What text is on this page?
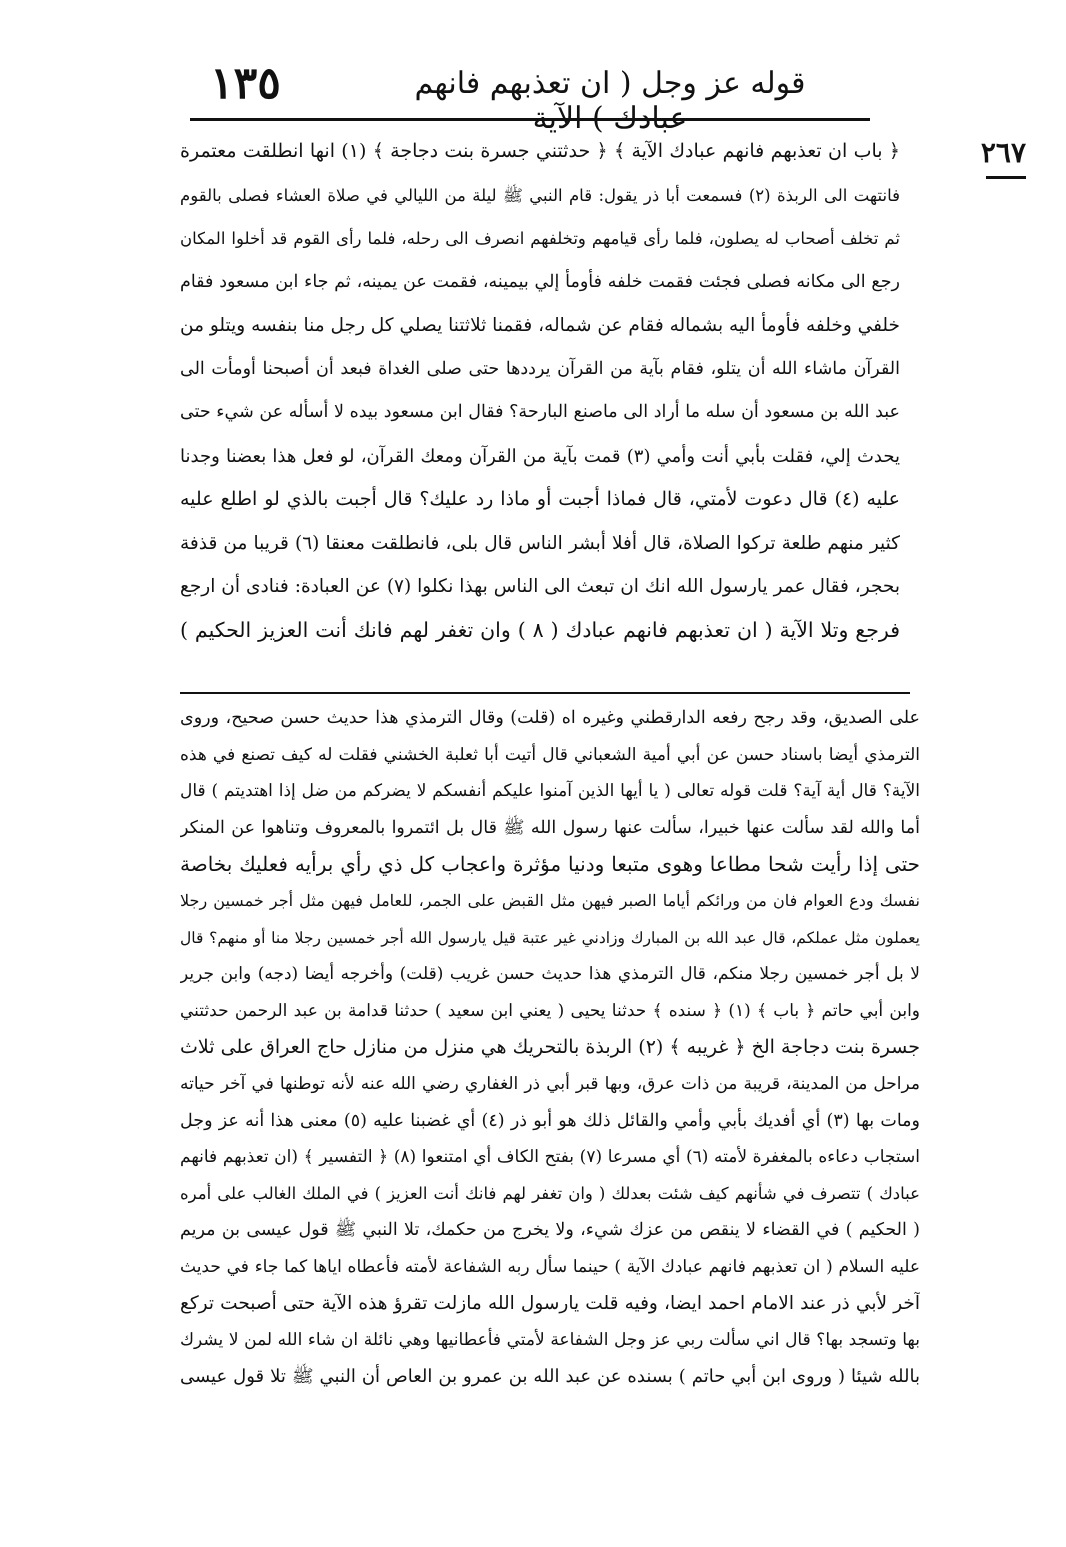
١٣٥	قوله عز وجل ( ان تعذبهم فانهم عبادك ) الآية
٢٦٧
﴿ باب ان تعذبهم فانهم عبادك الآية ﴾ ﴿ حدثتني جسرة بنت دجاجة ﴾ (١) انها انطلقت معتمرة
فانتهت الى الربذة (٢) فسمعت أبا ذر يقول: قام النبي ﷺ ليلة من الليالي في صلاة العشاء فصلى بالقوم
ثم تخلف أصحاب له يصلون، فلما رأى قيامهم وتخلفهم انصرف الى رحله، فلما رأى القوم قد أخلوا المكان
رجع الى مكانه فصلى فجئت فقمت خلفه فأومأ إلي بيمينه، فقمت عن يمينه، ثم جاء ابن مسعود فقام
خلفي وخلفه فأومأ اليه بشماله فقام عن شماله، فقمنا ثلاثتنا يصلي كل رجل منا بنفسه ويتلو من
القرآن ماشاء الله أن يتلو، فقام بآية من القرآن يرددها حتى صلى الغداة فبعد أن أصبحنا أومأت الى
عبد الله بن مسعود أن سله ما أراد الى ماصنع البارحة؟ فقال ابن مسعود بيده لا أسأله عن شيء حتى
يحدث إلي، فقلت بأبي أنت وأمي (٣) قمت بآية من القرآن ومعك القرآن، لو فعل هذا بعضنا وجدنا
عليه (٤) قال دعوت لأمتي، قال فماذا أجبت أو ماذا رد عليك؟ قال أجبت بالذي لو اطلع عليه
كثير منهم طلعة تركوا الصلاة، قال أفلا أبشر الناس قال بلى، فانطلقت معنقا (٦) قريبا من قذفة
بحجر، فقال عمر يارسول الله انك ان تبعث الى الناس بهذا نكلوا (٧) عن العبادة: فنادى أن ارجع
فرجع وتلا الآية ( ان تعذبهم فانهم عبادك ( ٨ ) وان تغفر لهم فانك أنت العزيز الحكيم )
على الصديق، وقد رجح رفعه الدارقطني وغيره اه (قلت) وقال الترمذي هذا حديث حسن صحيح، وروى
الترمذي أيضا باسناد حسن عن أبي أمية الشعباني قال أتيت أبا ثعلبة الخشني فقلت له كيف تصنع في هذه
الآية؟ قال أية آية؟ قلت قوله تعالى ( يا أيها الذين آمنوا عليكم أنفسكم لا يضركم من ضل إذا اهتديتم ) قال
أما والله لقد سألت عنها خبيرا، سألت عنها رسول الله ﷺ قال بل ائتمروا بالمعروف وتناهوا عن المنكر
حتى إذا رأيت شحا مطاعا وهوى متبعا ودنيا مؤثرة واعجاب كل ذي رأي برأيه فعليك بخاصة
نفسك ودع العوام فان من ورائكم أياما الصبر فيهن مثل القبض على الجمر، للعامل فيهن مثل أجر خمسين رجلا
يعملون مثل عملكم، قال عبد الله بن المبارك وزادني غير عتبة قيل يارسول الله أجر خمسين رجلا منا أو منهم؟ قال
لا بل أجر خمسين رجلا منكم، قال الترمذي هذا حديث حسن غريب (قلت) وأخرجه أيضا (دجه) وابن جرير
وابن أبي حاتم ﴿ باب ﴾ (١) ﴿ سنده ﴾ حدثنا يحيى ( يعني ابن سعيد ) حدثنا قدامة بن عبد الرحمن حدثتني
جسرة بنت دجاجة الخ ﴿ غريبه ﴾ (٢) الربذة بالتحريك هي منزل من منازل حاج العراق على ثلاث
مراحل من المدينة، قريبة من ذات عرق، وبها قبر أبي ذر الغفاري رضي الله عنه لأنه توطنها في آخر حياته
ومات بها (٣) أي أفديك بأبي وأمي والقائل ذلك هو أبو ذر (٤) أي غضبنا عليه (٥) معنى هذا أنه عز وجل
استجاب دعاءه بالمغفرة لأمته (٦) أي مسرعا (٧) بفتح الكاف أي امتنعوا (٨) ﴿ التفسير ﴾ (ان تعذبهم فانهم
عبادك ) تتصرف في شأنهم كيف شئت بعدلك ( وان تغفر لهم فانك أنت العزيز ) في الملك الغالب على أمره
( الحكيم ) في القضاء لا ينقص من عزك شيء، ولا يخرج من حكمك، تلا النبي ﷺ قول عيسى بن مريم
عليه السلام ( ان تعذبهم فانهم عبادك الآية ) حينما سأل ربه الشفاعة لأمته فأعطاه اياها كما جاء في حديث
آخر لأبي ذر عند الامام احمد ايضا، وفيه قلت يارسول الله مازلت تقرؤ هذه الآية حتى أصبحت تركع
بها وتسجد بها؟ قال اني سألت ربي عز وجل الشفاعة لأمتي فأعطانيها وهي نائلة ان شاء الله لمن لا يشرك
بالله شيئا ( وروى ابن أبي حاتم ) بسنده عن عبد الله بن عمرو بن العاص أن النبي ﷺ تلا قول عيسى
